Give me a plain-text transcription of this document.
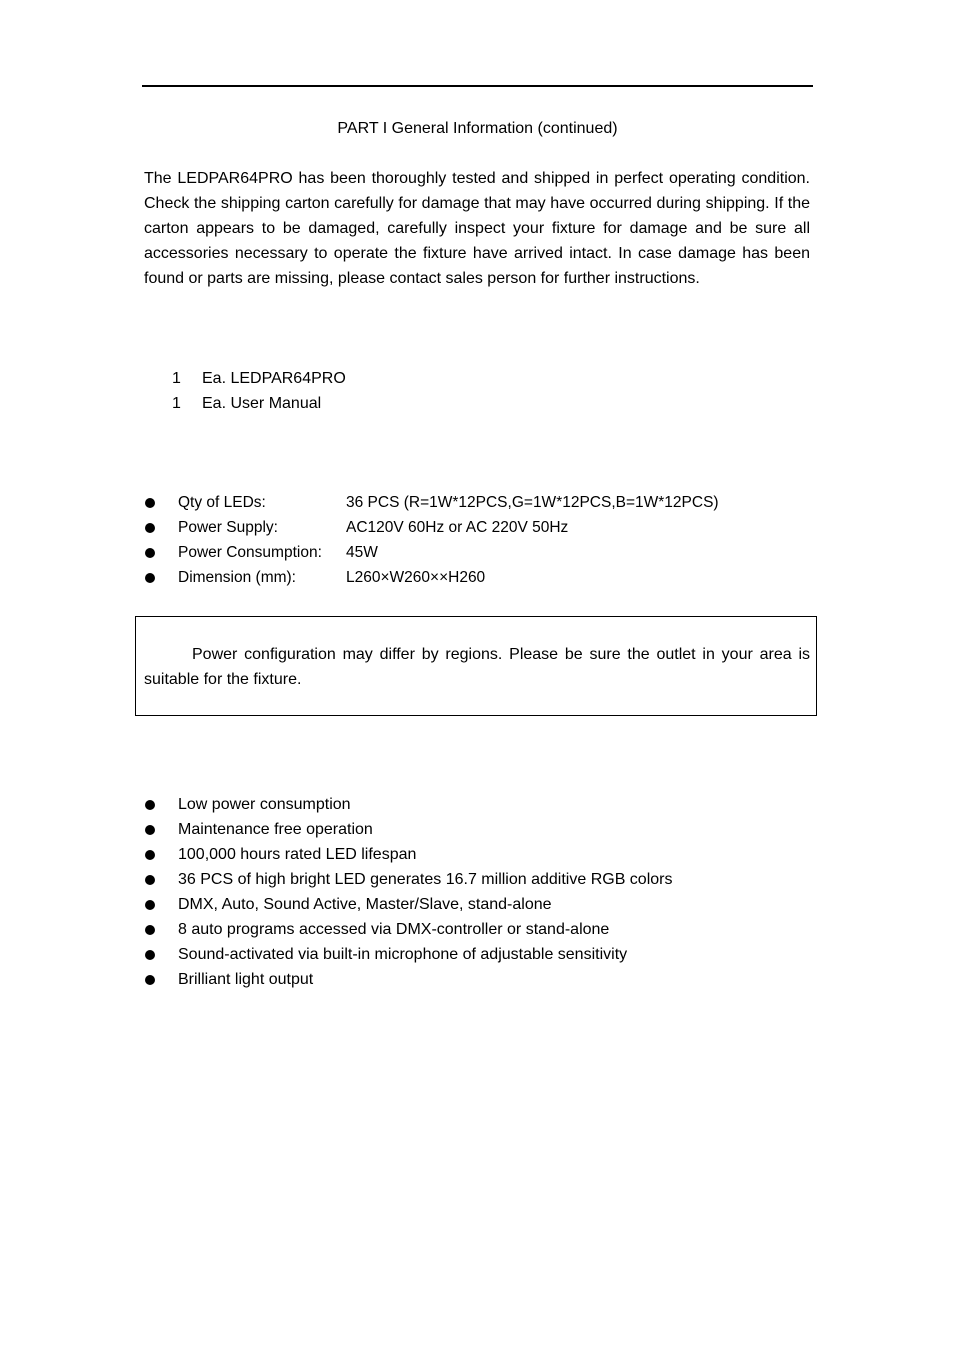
PART I General Information (continued)

The LEDPAR64PRO has been thoroughly tested and shipped in perfect operating condition. Check the shipping carton carefully for damage that may have occurred during shipping. If the carton appears to be damaged, carefully inspect your fixture for damage and be sure all accessories necessary to operate the fixture have arrived intact. In case damage has been found or parts are missing, please contact sales person for further instructions.

1	Ea. LEDPAR64PRO
1	Ea. User Manual
Qty of LEDs:	36 PCS (R=1W*12PCS,G=1W*12PCS,B=1W*12PCS)
Power Supply:	AC120V 60Hz or AC 220V 50Hz
Power Consumption:	45W
Dimension (mm):	L260×W260××H260

Power configuration may differ by regions. Please be sure the outlet in your area is suitable for the fixture.

Low power consumption
Maintenance free operation
100,000 hours rated LED lifespan
36 PCS of high bright LED generates 16.7 million additive RGB colors
DMX, Auto, Sound Active, Master/Slave, stand-alone
8 auto programs accessed via DMX-controller or stand-alone
Sound-activated via built-in microphone of adjustable sensitivity
Brilliant light output
